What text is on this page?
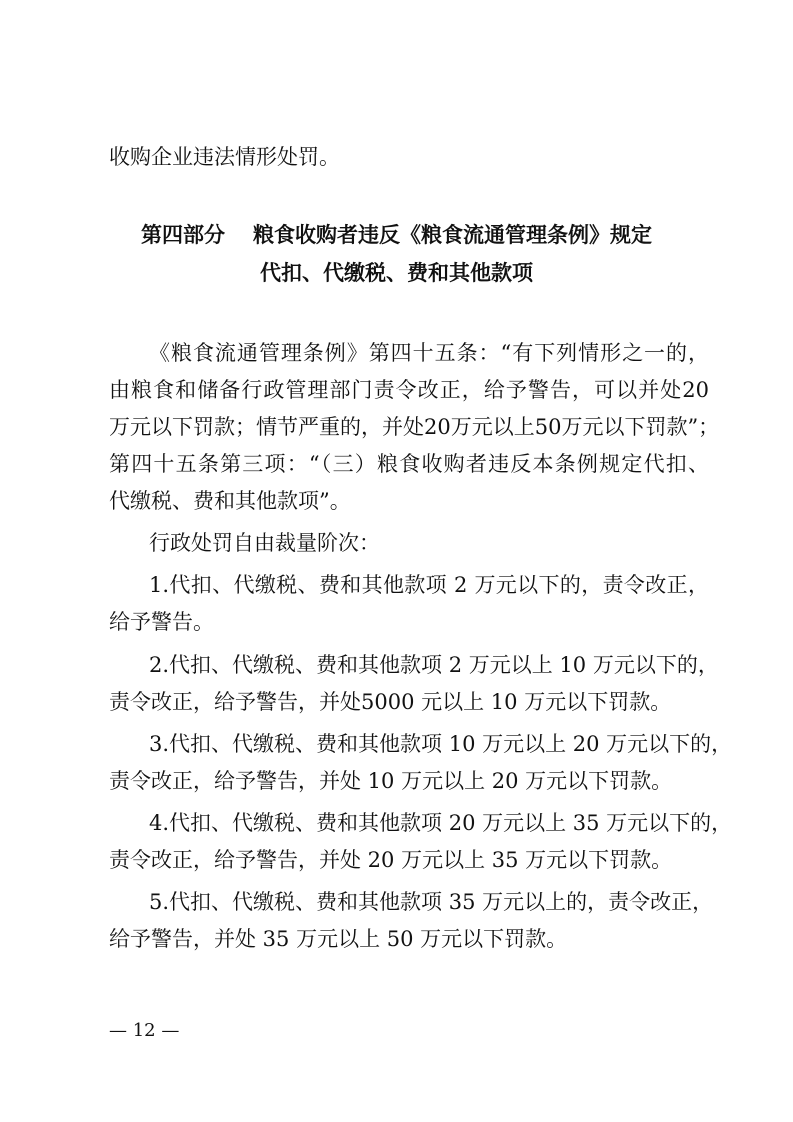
收购企业违法情形处罚。
第四部分 粮食收购者违反《粮食流通管理条例》规定
代扣、代缴税、费和其他款项
《粮食流通管理条例》第四十五条：“有下列情形之一的，
由粮食和储备行政管理部门责令改正，给予警告，可以并处20
万元以下罚款；情节严重的，并处20万元以上50万元以下罚款”；
第四十五条第三项：“（三）粮食收购者违反本条例规定代扣、
代缴税、费和其他款项”。
行政处罚自由裁量阶次：
1.代扣、代缴税、费和其他款项 2 万元以下的，责令改正，
给予警告。
2.代扣、代缴税、费和其他款项 2 万元以上 10 万元以下的，
责令改正，给予警告，并处5000 元以上 10 万元以下罚款。
3.代扣、代缴税、费和其他款项 10 万元以上 20 万元以下的，
责令改正，给予警告，并处 10 万元以上 20 万元以下罚款。
4.代扣、代缴税、费和其他款项 20 万元以上 35 万元以下的，
责令改正，给予警告，并处 20 万元以上 35 万元以下罚款。
5.代扣、代缴税、费和其他款项 35 万元以上的，责令改正，
给予警告，并处 35 万元以上 50 万元以下罚款。
— 12 —
